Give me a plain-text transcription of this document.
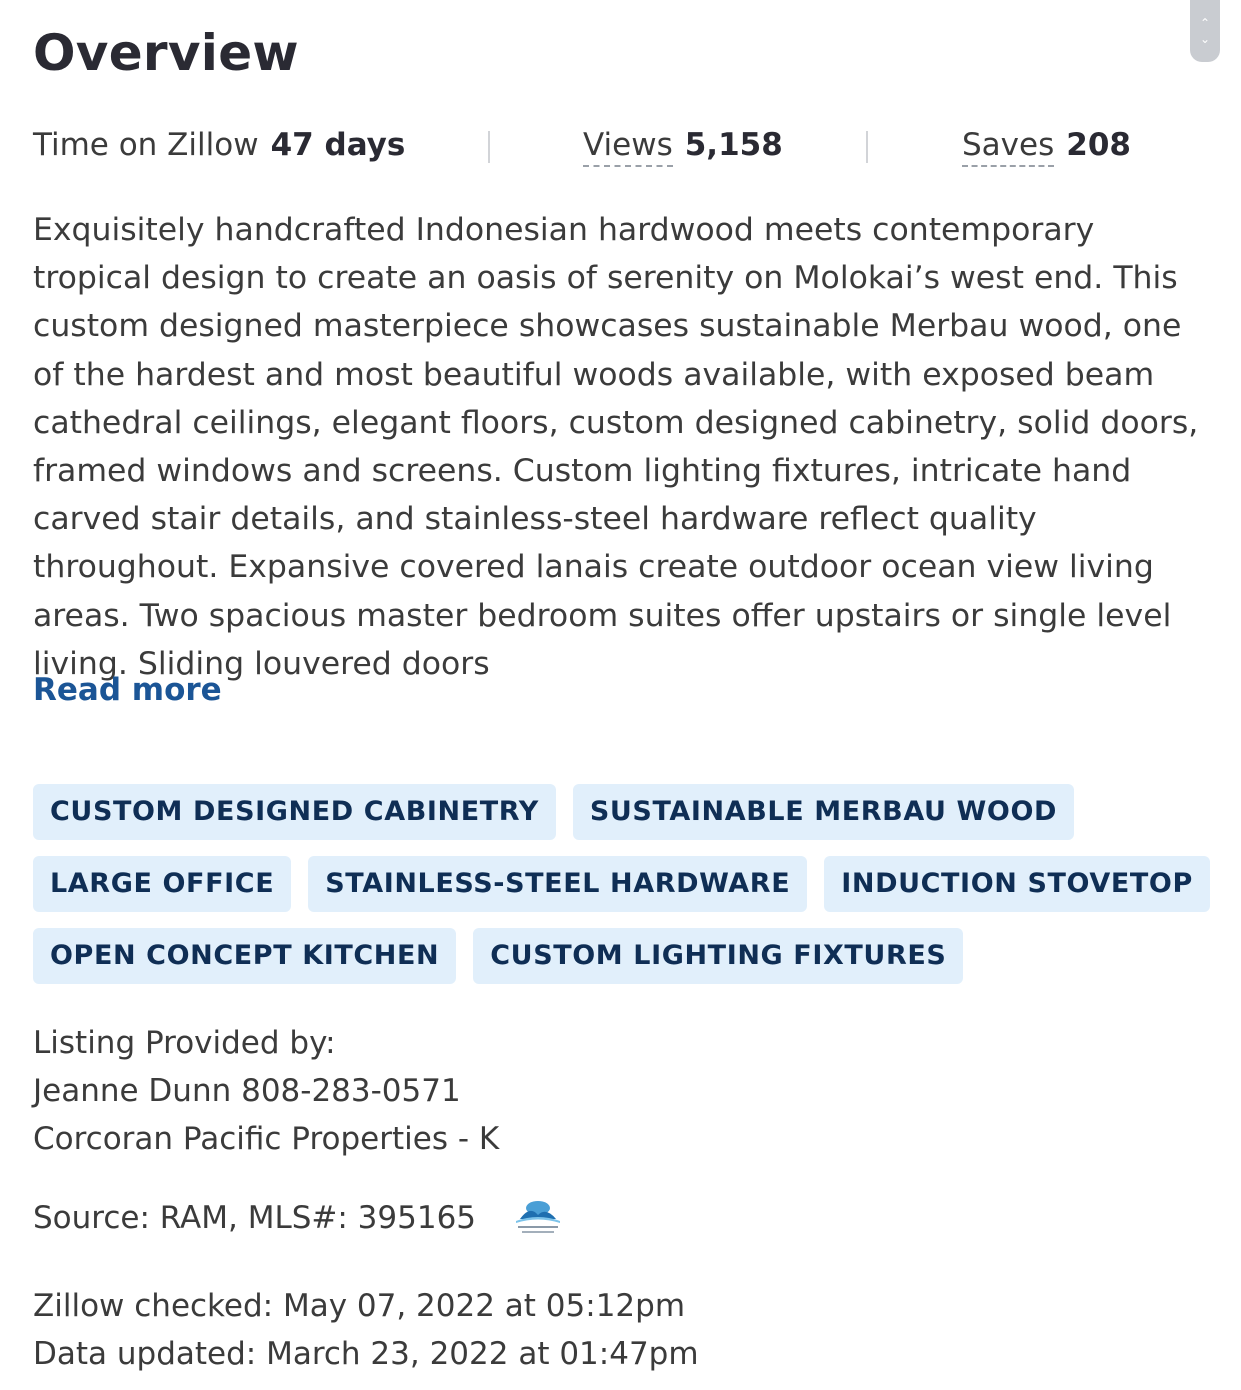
Overview
⌃
⌄
Time on Zillow 47 days	Views 5,158	Saves 208

Exquisitely handcrafted Indonesian hardwood meets contemporary tropical design to create an oasis of serenity on Molokai’s west end. This custom designed masterpiece showcases sustainable Merbau wood, one of the hardest and most beautiful woods available, with exposed beam cathedral ceilings, elegant floors, custom designed cabinetry, solid doors, framed windows and screens. Custom lighting fixtures, intricate hand carved stair details, and stainless-steel hardware reflect quality throughout. Expansive covered lanais create outdoor ocean view living areas. Two spacious master bedroom suites offer upstairs or single level living. Sliding louvered doors

Read more
CUSTOM DESIGNED CABINETRY	SUSTAINABLE MERBAU WOOD
LARGE OFFICE	STAINLESS-STEEL HARDWARE	INDUCTION STOVETOP
OPEN CONCEPT KITCHEN	CUSTOM LIGHTING FIXTURES
Listing Provided by:
Jeanne Dunn 808-283-0571
Corcoran Pacific Properties - K
Source: RAM, MLS#: 395165
Zillow checked: May 07, 2022 at 05:12pm
Data updated: March 23, 2022 at 01:47pm
